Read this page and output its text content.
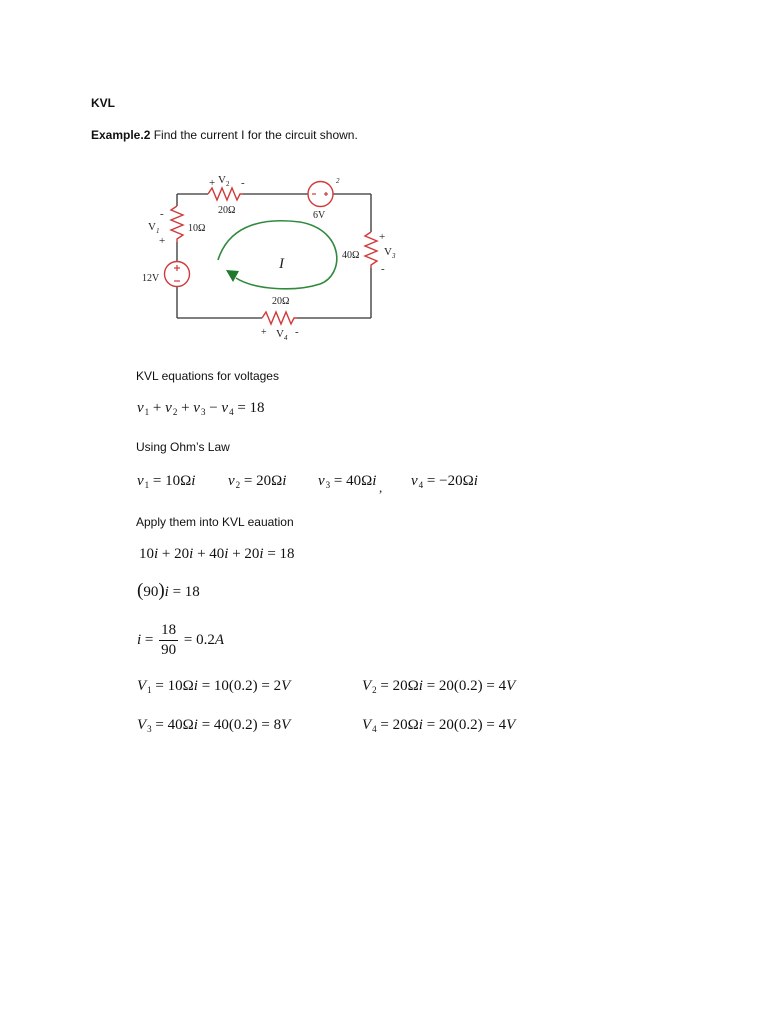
KVL
Example.2 Find the current I for the circuit shown.
+ $V_2$ -
20Ω
2
6V
-
$V_1$
+
10Ω
12V
I
+
$V_3$
-
40Ω
20Ω
+ $V_4$ -
KVL equations for voltages
$v_1 + v_2 + v_3 - v_4 = 18$
Using Ohm’s Law
$v_1 = 10\Omega i$ $v_2 = 20\Omega i$ $v_3 = 40\Omega i$ , $v_4 = -20\Omega i$
Apply them into KVL eauation
10i + 20i + 40i + 20i = 18
(90)i = 18
$i = \frac{18}{90} = 0.2A$
$V_1 = 10\Omega i = 10(0.2) = 2V$	$V_2 = 20\Omega i = 20(0.2) = 4V$
$V_3 = 40\Omega i = 40(0.2) = 8V$	$V_4 = 20\Omega i = 20(0.2) = 4V$
